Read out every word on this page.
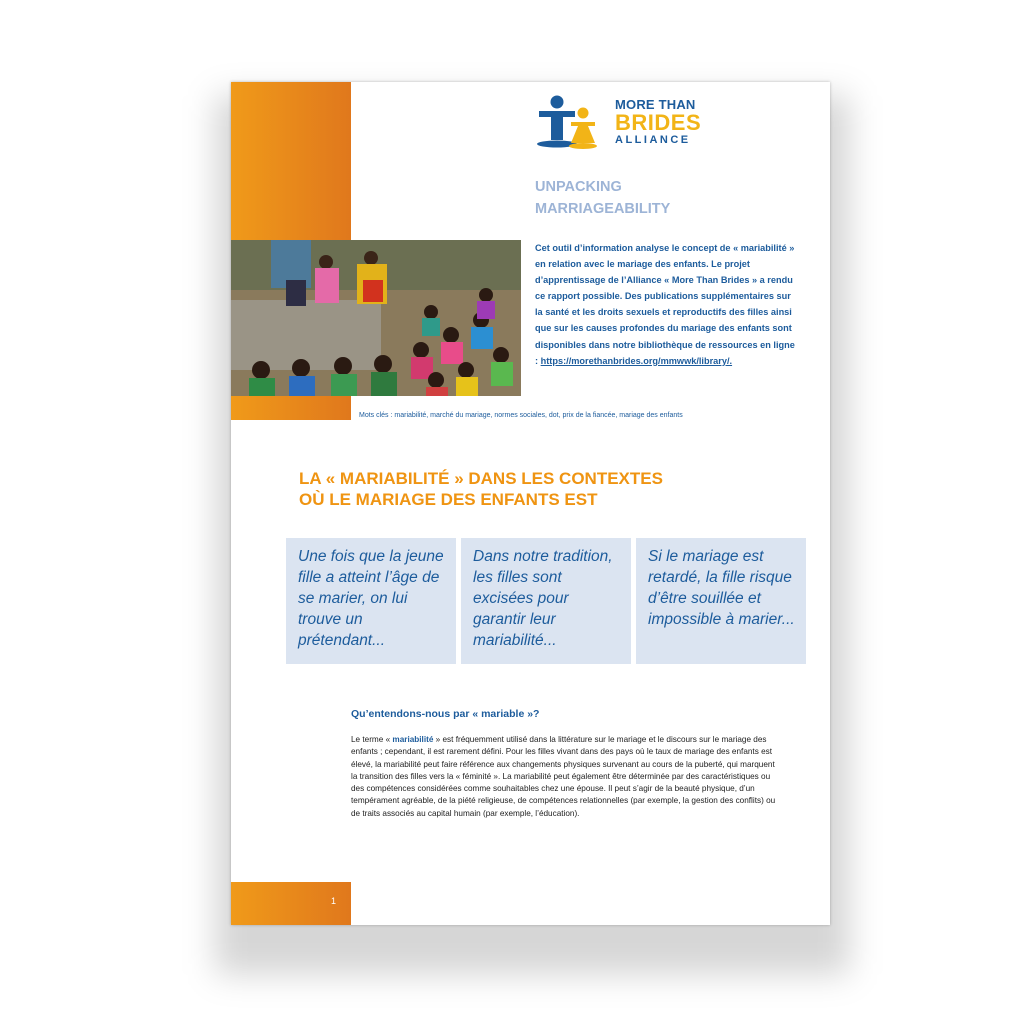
MORE THAN
BRIDES
ALLIANCE
UNPACKING
MARRIAGEABILITY
Cet outil d’information analyse le concept de « mariabilité » en relation avec le mariage des enfants. Le projet d’apprentissage de l’Alliance « More Than Brides » a rendu ce rapport possible. Des publications supplémentaires sur la santé et les droits sexuels et reproductifs des filles ainsi que sur les causes profondes du mariage des enfants sont disponibles dans notre bibliothèque de ressources en ligne : https://morethanbrides.org/mmwwk/library/.
Mots clés : mariabilité, marché du mariage, normes sociales, dot, prix de la fiancée, mariage des enfants
LA « MARIABILITÉ » DANS LES CONTEXTES
OÙ LE MARIAGE DES ENFANTS EST
Une fois que la jeune fille a atteint l’âge de se marier, on lui trouve un prétendant...
Dans notre tradition, les filles sont excisées pour garantir leur mariabilité...
Si le mariage est retardé, la fille risque d’être souillée et impossible à marier...
Qu’entendons-nous par « mariable »?
Le terme « mariabilité » est fréquemment utilisé dans la littérature sur le mariage et le discours sur le mariage des enfants ; cependant, il est rarement défini. Pour les filles vivant dans des pays où le taux de mariage des enfants est élevé, la mariabilité peut faire référence aux changements physiques survenant au cours de la puberté, qui marquent la transition des filles vers la « féminité ». La mariabilité peut également être déterminée par des caractéristiques ou des compétences considérées comme souhaitables chez une épouse. Il peut s’agir de la beauté physique, d’un tempérament agréable, de la piété religieuse, de compétences relationnelles (par exemple, la gestion des conflits) ou de traits associés au capital humain (par exemple, l’éducation).
1
